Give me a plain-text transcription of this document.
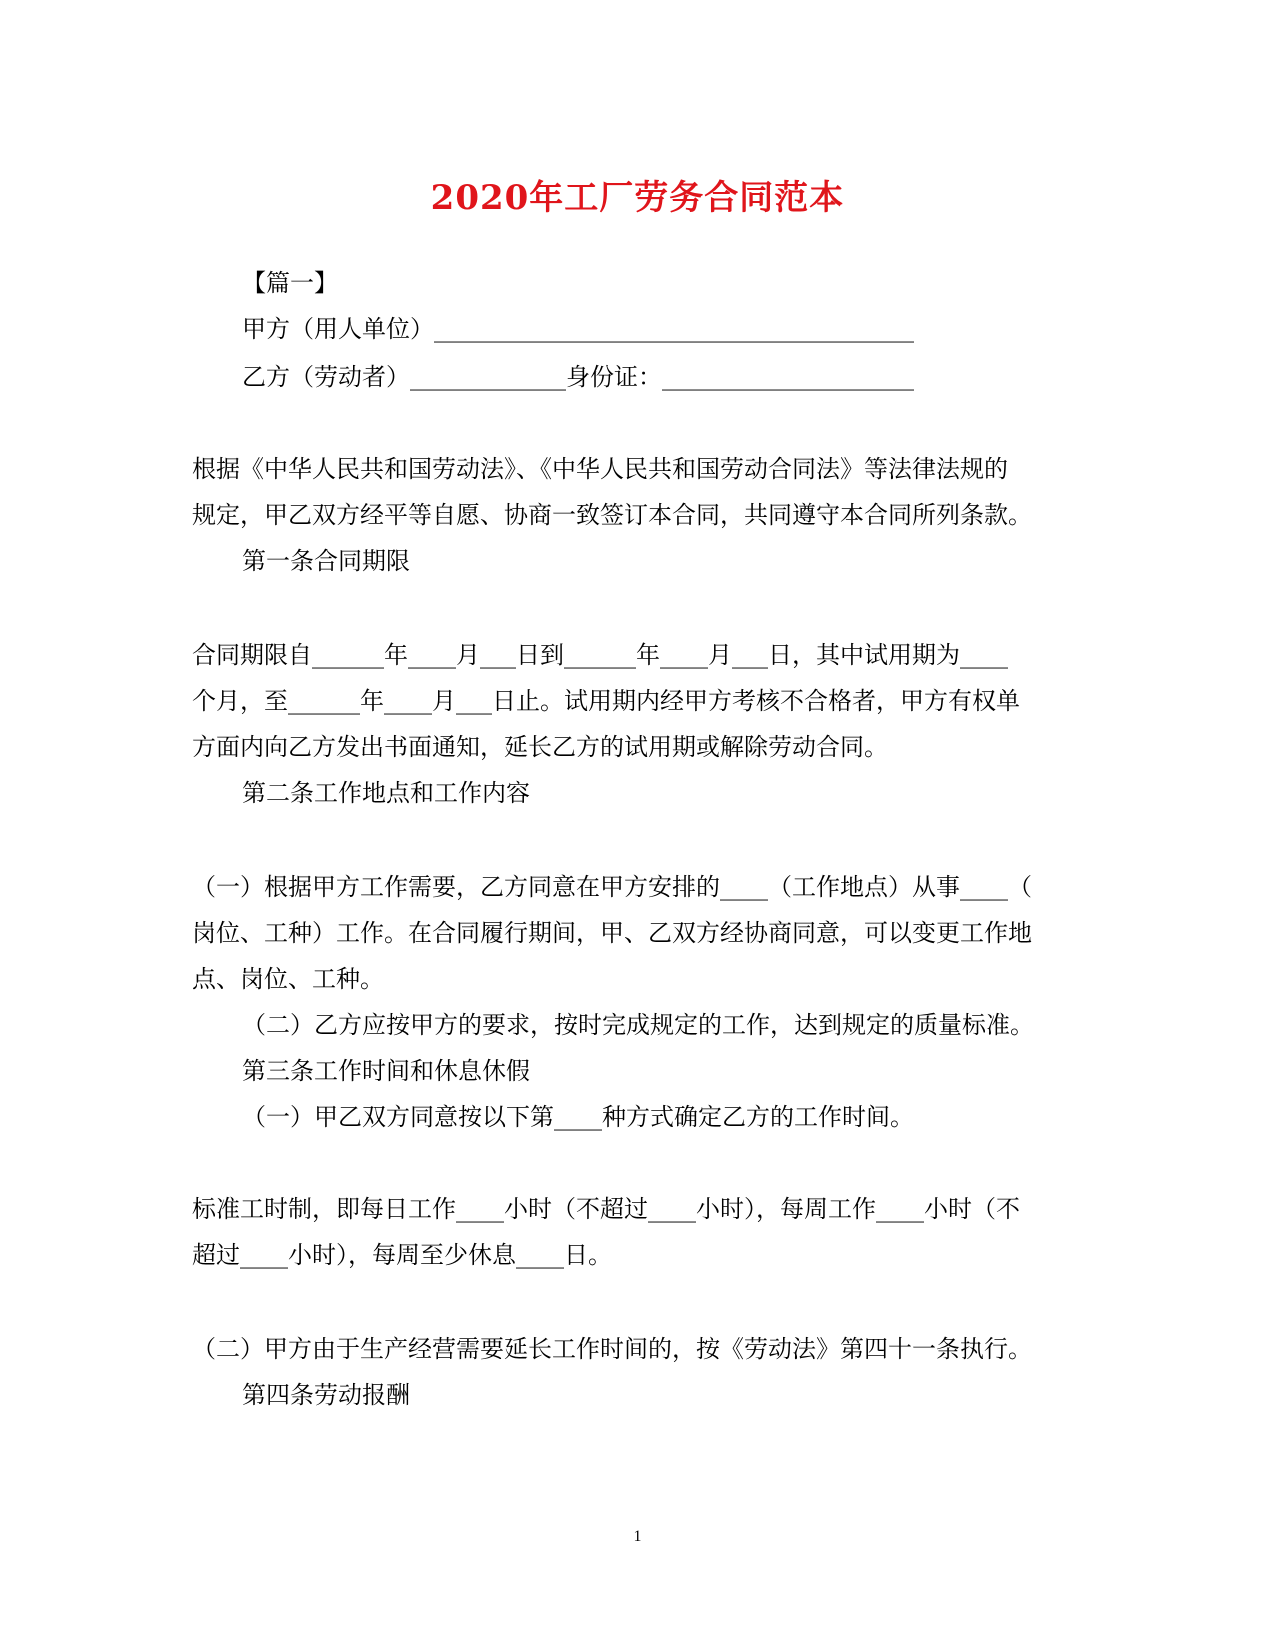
2020年工厂劳务合同范本
【篇一】
甲方（用人单位）________________________________________
乙方（劳动者）_____________身份证：_____________________
根据《中华人民共和国劳动法》、《中华人民共和国劳动合同法》等法律法规的
规定，甲乙双方经平等自愿、协商一致签订本合同，共同遵守本合同所列条款。
第一条合同期限
合同期限自______年____月___日到______年____月___日，其中试用期为____
个月，至______年____月___日止。试用期内经甲方考核不合格者，甲方有权单
方面内向乙方发出书面通知，延长乙方的试用期或解除劳动合同。
第二条工作地点和工作内容
（一）根据甲方工作需要，乙方同意在甲方安排的____（工作地点）从事____（
岗位、工种）工作。在合同履行期间，甲、乙双方经协商同意，可以变更工作地
点、岗位、工种。
（二）乙方应按甲方的要求，按时完成规定的工作，达到规定的质量标准。
第三条工作时间和休息休假
（一）甲乙双方同意按以下第____种方式确定乙方的工作时间。
标准工时制，即每日工作____小时（不超过____小时），每周工作____小时（不
超过____小时），每周至少休息____日。
（二）甲方由于生产经营需要延长工作时间的，按《劳动法》第四十一条执行。
第四条劳动报酬
1
